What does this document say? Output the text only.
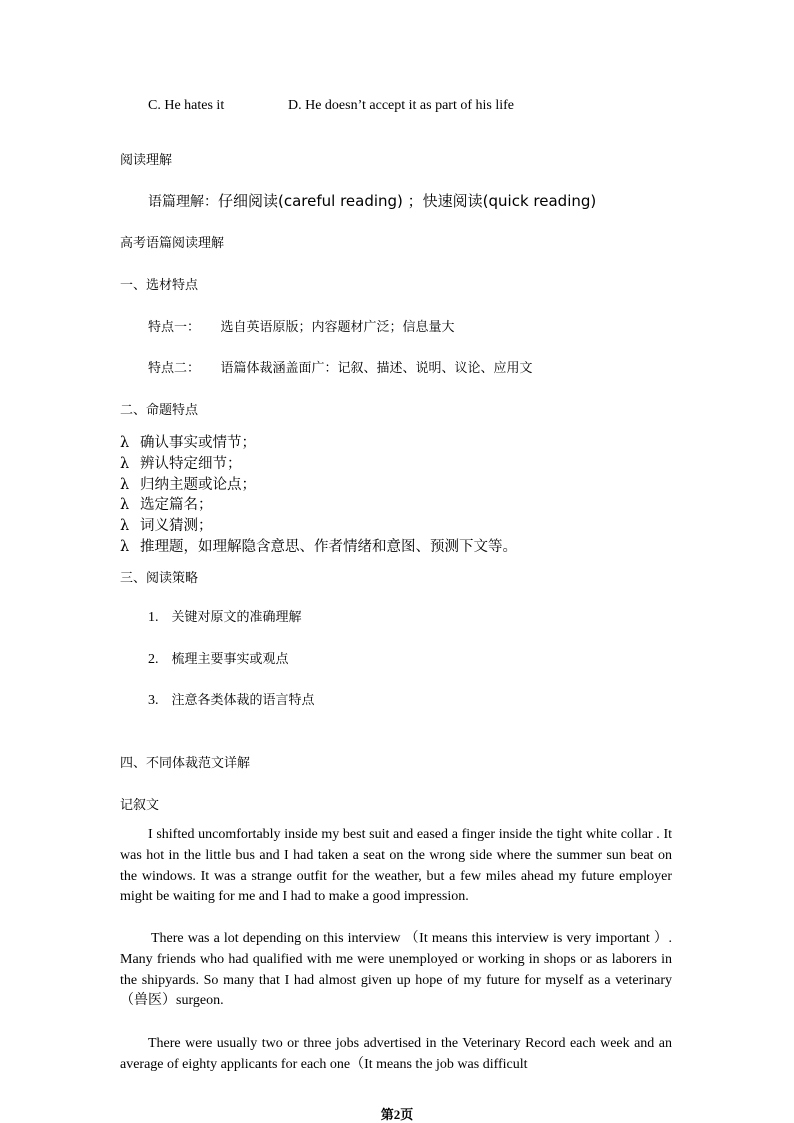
C. He hates it	D. He doesn’t accept it as part of his life
阅读理解
语篇理解：仔细阅读(careful reading) ；快速阅读(quick reading)
高考语篇阅读理解
一、选材特点
特点一： 选自英语原版；内容题材广泛；信息量大
特点二： 语篇体裁涵盖面广：记叙、描述、说明、议论、应用文
二、命题特点
λ 确认事实或情节；
λ 辨认特定细节；
λ 归纳主题或论点；
λ 选定篇名；
λ 词义猜测；
λ 推理题，如理解隐含意思、作者情绪和意图、预测下文等。
三、阅读策略
1. 关键对原文的准确理解
2. 梳理主要事实或观点
3. 注意各类体裁的语言特点
四、不同体裁范文详解
记叙文
I shifted uncomfortably inside my best suit and eased a finger inside the tight white collar . It was hot in the little bus and I had taken a seat on the wrong side where the summer sun beat on the windows. It was a strange outfit for the weather, but a few miles ahead my future employer might be waiting for me and I had to make a good impression.
There was a lot depending on this interview （It means this interview is very important ）. Many friends who had qualified with me were unemployed or working in shops or as laborers in the shipyards. So many that I had almost given up hope of my future for myself as a veterinary （兽医）surgeon.
There were usually two or three jobs advertised in the Veterinary Record each week and an average of eighty applicants for each one（It means the job was difficult
第2页
